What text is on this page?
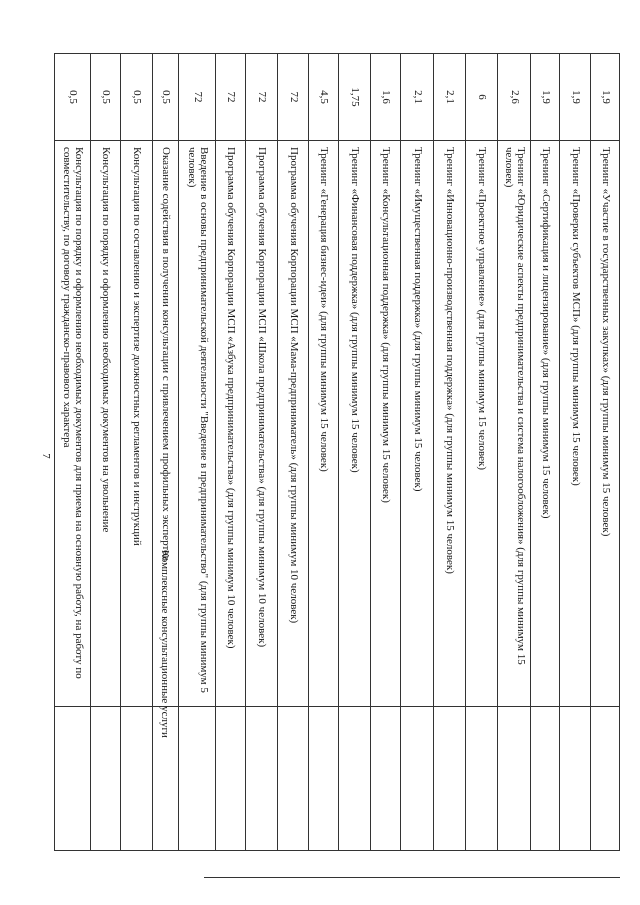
7
0,5
Консультация по порядку и оформлению необходимых документов для приема на основную работу, на работу по совместительству, по договору гражданско-правового характера
0,5
Консультация по порядку и оформлению необходимых документов на увольнение
0,5
Консультация по составлению и экспертизе должностных регламентов и инструкций
0,5
Оказание содействия в получении консультации с привлечением профильных экспертов
72
Введение в основы предпринимательской деятельности "Введение в предпринимательство" (для группы минимум 5 человек)
72
Программа обучения Корпорации МСП «Азбука предпринимательства» (для группы минимум 10 человек)
72
Программа обучения Корпорации МСП «Школа предпринимательства» (для группы минимум 10 человек)
72
Программа обучения Корпорации МСП «Мама-предприниматель» (для группы минимум 10 человек)
4,5
Тренинг «Генерация бизнес-идеи» (для группы минимум 15 человек)
1,75
Тренинг «Финансовая поддержка» (для группы минимум 15 человек)
1,6
Тренинг «Консультационная поддержка» (для группы минимум 15 человек)
2,1
Тренинг «Имущественная поддержка» (для группы минимум 15 человек)
2,1
Тренинг «Инновационно-производственная поддержка» (для группы минимум 15 человек)
6
Тренинг «Проектное управление» (для группы минимум 15 человек)
2,6
Тренинг «Юридические аспекты предпринимательства и система налогообложения» (для группы минимум 15 человек)
1,9
Тренинг «Сертификация и лицензирование» (для группы минимум 15 человек)
1,9
Тренинг «Проверки субъектов МСП» (для группы минимум 15 человек)
1,9
Тренинг «Участие в государственных закупках» (для группы минимум 15 человек)
Комплексные консультационные услуги
